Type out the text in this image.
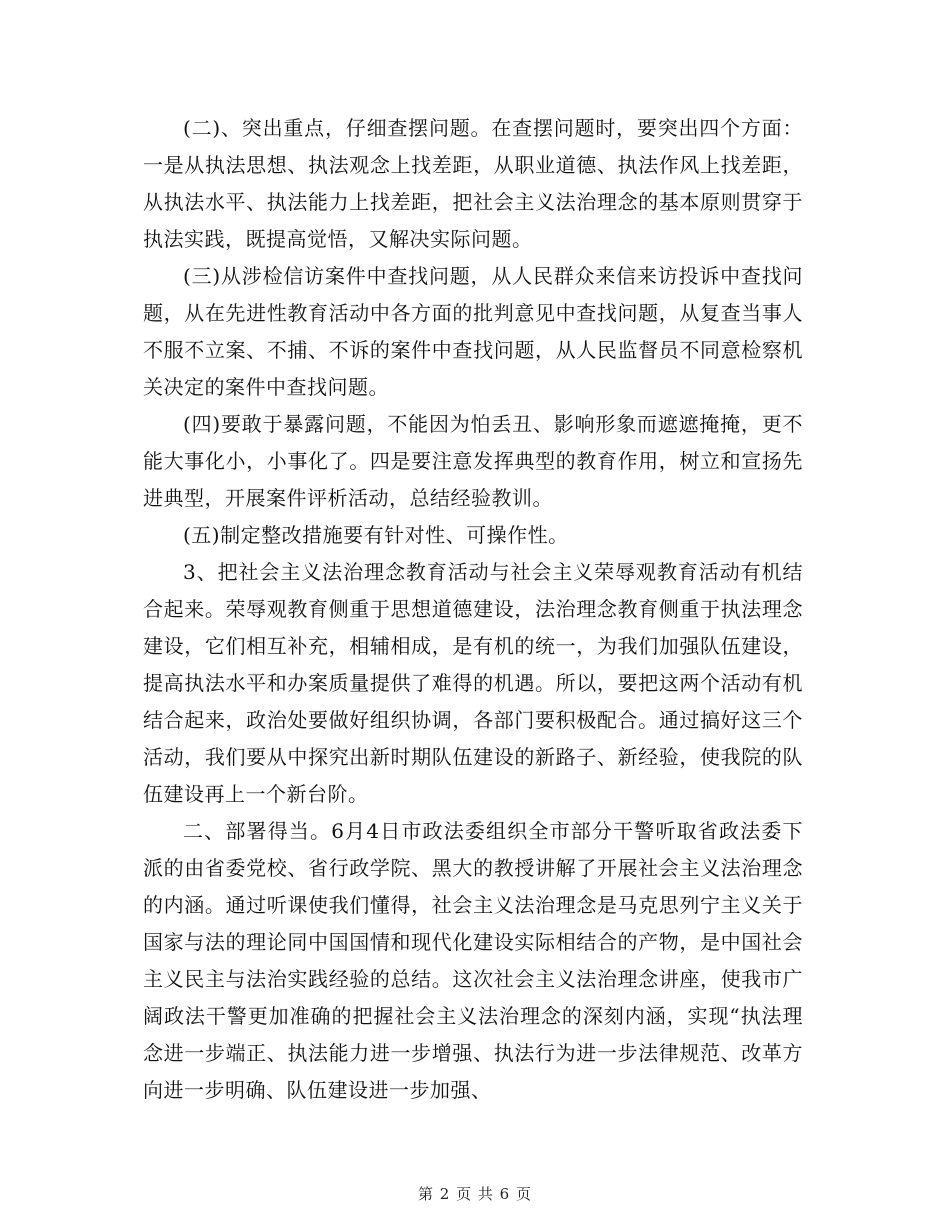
(二)、突出重点，仔细查摆问题。在查摆问题时，要突出四个方面：一是从执法思想、执法观念上找差距，从职业道德、执法作风上找差距，从执法水平、执法能力上找差距，把社会主义法治理念的基本原则贯穿于执法实践，既提高觉悟，又解决实际问题。

(三)从涉检信访案件中查找问题，从人民群众来信来访投诉中查找问题，从在先进性教育活动中各方面的批判意见中查找问题，从复查当事人不服不立案、不捕、不诉的案件中查找问题，从人民监督员不同意检察机关决定的案件中查找问题。

(四)要敢于暴露问题，不能因为怕丢丑、影响形象而遮遮掩掩，更不能大事化小，小事化了。四是要注意发挥典型的教育作用，树立和宣扬先进典型，开展案件评析活动，总结经验教训。

(五)制定整改措施要有针对性、可操作性。

3、把社会主义法治理念教育活动与社会主义荣辱观教育活动有机结合起来。荣辱观教育侧重于思想道德建设，法治理念教育侧重于执法理念建设，它们相互补充，相辅相成，是有机的统一，为我们加强队伍建设，提高执法水平和办案质量提供了难得的机遇。所以，要把这两个活动有机结合起来，政治处要做好组织协调，各部门要积极配合。通过搞好这三个活动，我们要从中探究出新时期队伍建设的新路子、新经验，使我院的队伍建设再上一个新台阶。

二、部署得当。6月4日市政法委组织全市部分干警听取省政法委下派的由省委党校、省行政学院、黑大的教授讲解了开展社会主义法治理念的内涵。通过听课使我们懂得，社会主义法治理念是马克思列宁主义关于国家与法的理论同中国国情和现代化建设实际相结合的产物，是中国社会主义民主与法治实践经验的总结。这次社会主义法治理念讲座，使我市广阔政法干警更加准确的把握社会主义法治理念的深刻内涵，实现“执法理念进一步端正、执法能力进一步增强、执法行为进一步法律规范、改革方向进一步明确、队伍建设进一步加强、

第 2 页 共 6 页
